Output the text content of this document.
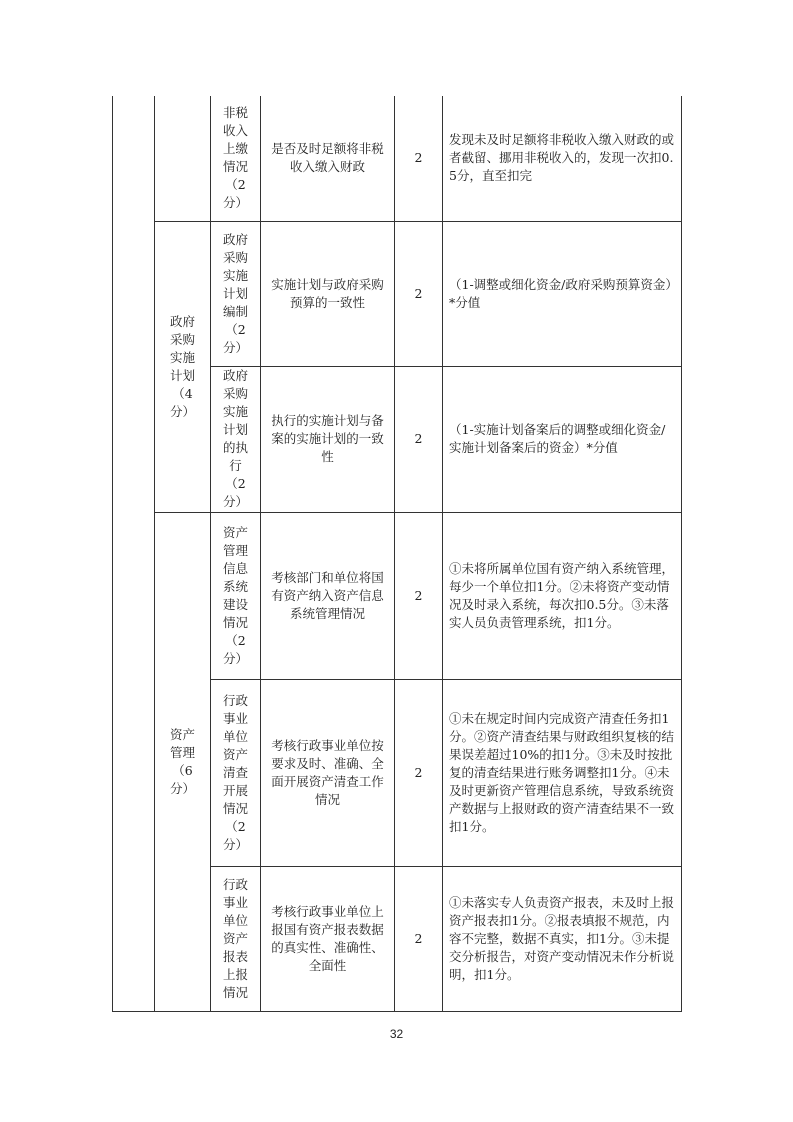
		非税收入上缴情况（2分）	是否及时足额将非税收入缴入财政	2	发现未及时足额将非税收入缴入财政的或者截留、挪用非税收入的，发现一次扣0.5分，直至扣完
	政府采购实施计划（4分）	政府采购实施计划编制（2分）	实施计划与政府采购预算的一致性	2	（1-调整或细化资金/政府采购预算资金）*分值
		政府采购实施计划的执行（2分）	执行的实施计划与备案的实施计划的一致性	2	（1-实施计划备案后的调整或细化资金/实施计划备案后的资金）*分值
	资产管理（6分）	资产管理信息系统建设情况（2分）	考核部门和单位将国有资产纳入资产信息系统管理情况	2	①未将所属单位国有资产纳入系统管理，每少一个单位扣1分。②未将资产变动情况及时录入系统，每次扣0.5分。③未落实人员负责管理系统，扣1分。
		行政事业单位资产清查开展情况（2分）	考核行政事业单位按要求及时、准确、全面开展资产清查工作情况	2	①未在规定时间内完成资产清查任务扣1分。②资产清查结果与财政组织复核的结果误差超过10%的扣1分。③未及时按批复的清查结果进行账务调整扣1分。④未及时更新资产管理信息系统，导致系统资产数据与上报财政的资产清查结果不一致扣1分。
		行政事业单位资产报表上报情况	考核行政事业单位上报国有资产报表数据的真实性、准确性、全面性	2	①未落实专人负责资产报表，未及时上报资产报表扣1分。②报表填报不规范，内容不完整，数据不真实，扣1分。③未提交分析报告，对资产变动情况未作分析说明，扣1分。
32
